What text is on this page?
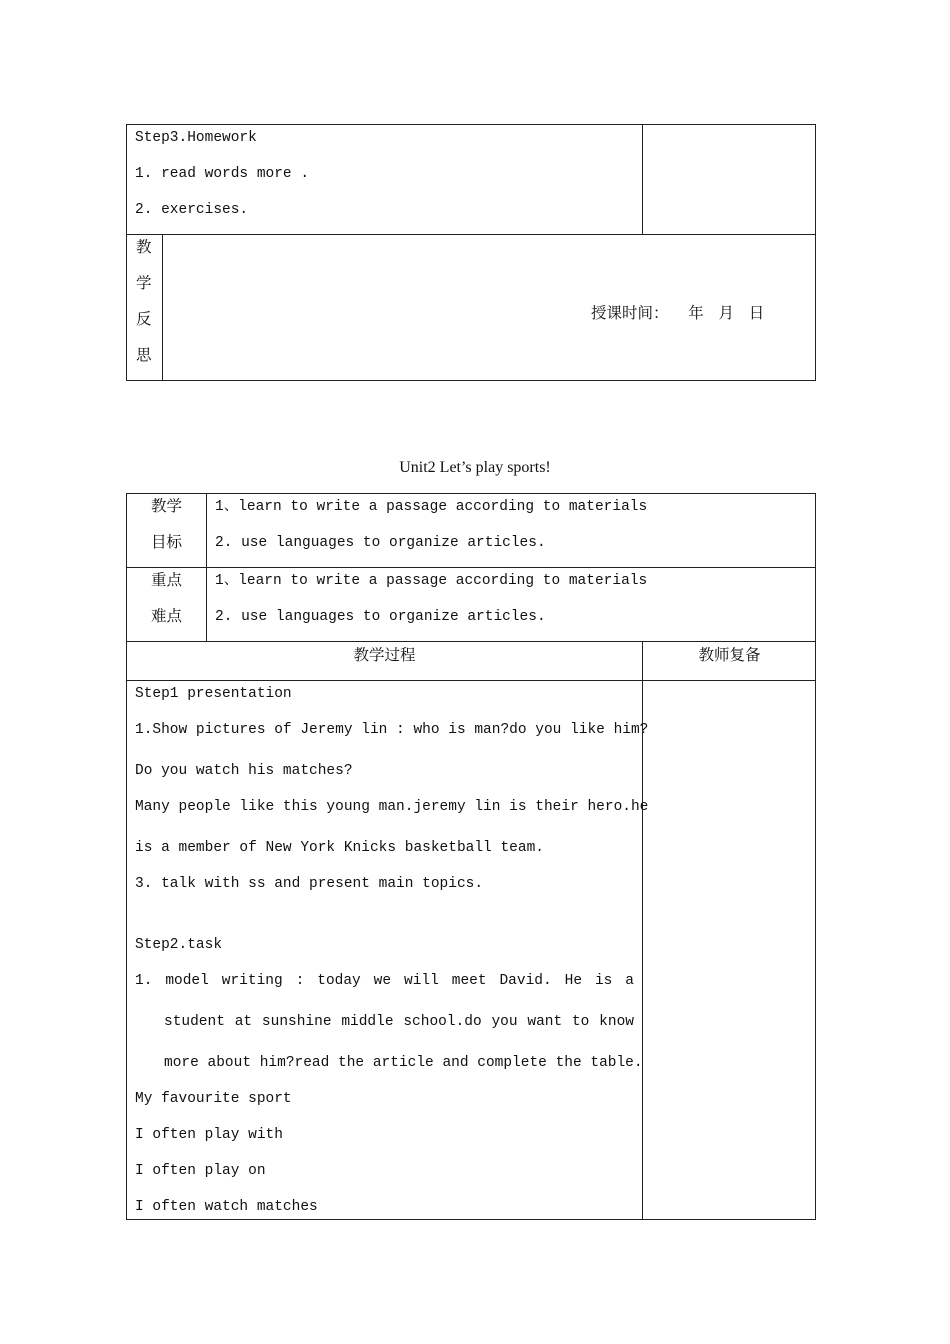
Step3.Homework
1. read words more .
2. exercises.
教
学
反
思
授课时间：    年   月   日
Unit2 Let’s play sports!
教学
目标
1、learn to write a passage according to materials
2. use languages to organize articles.
重点
难点
1、learn to write a passage according to materials
2. use languages to organize articles.
教学过程	教师复备
Step1 presentation
1.Show pictures of Jeremy lin : who is man?do you like him?
Do you watch his matches?
Many people like this young man.jeremy lin is their hero.he
is a member of New York Knicks basketball team.
3. talk with ss and present main topics.
Step2.task
1. model writing : today we will meet David. He is a
student at sunshine middle school.do you want to know
more about him?read the article and complete the table.
My favourite sport
I often play with
I often play on
I often watch matches
